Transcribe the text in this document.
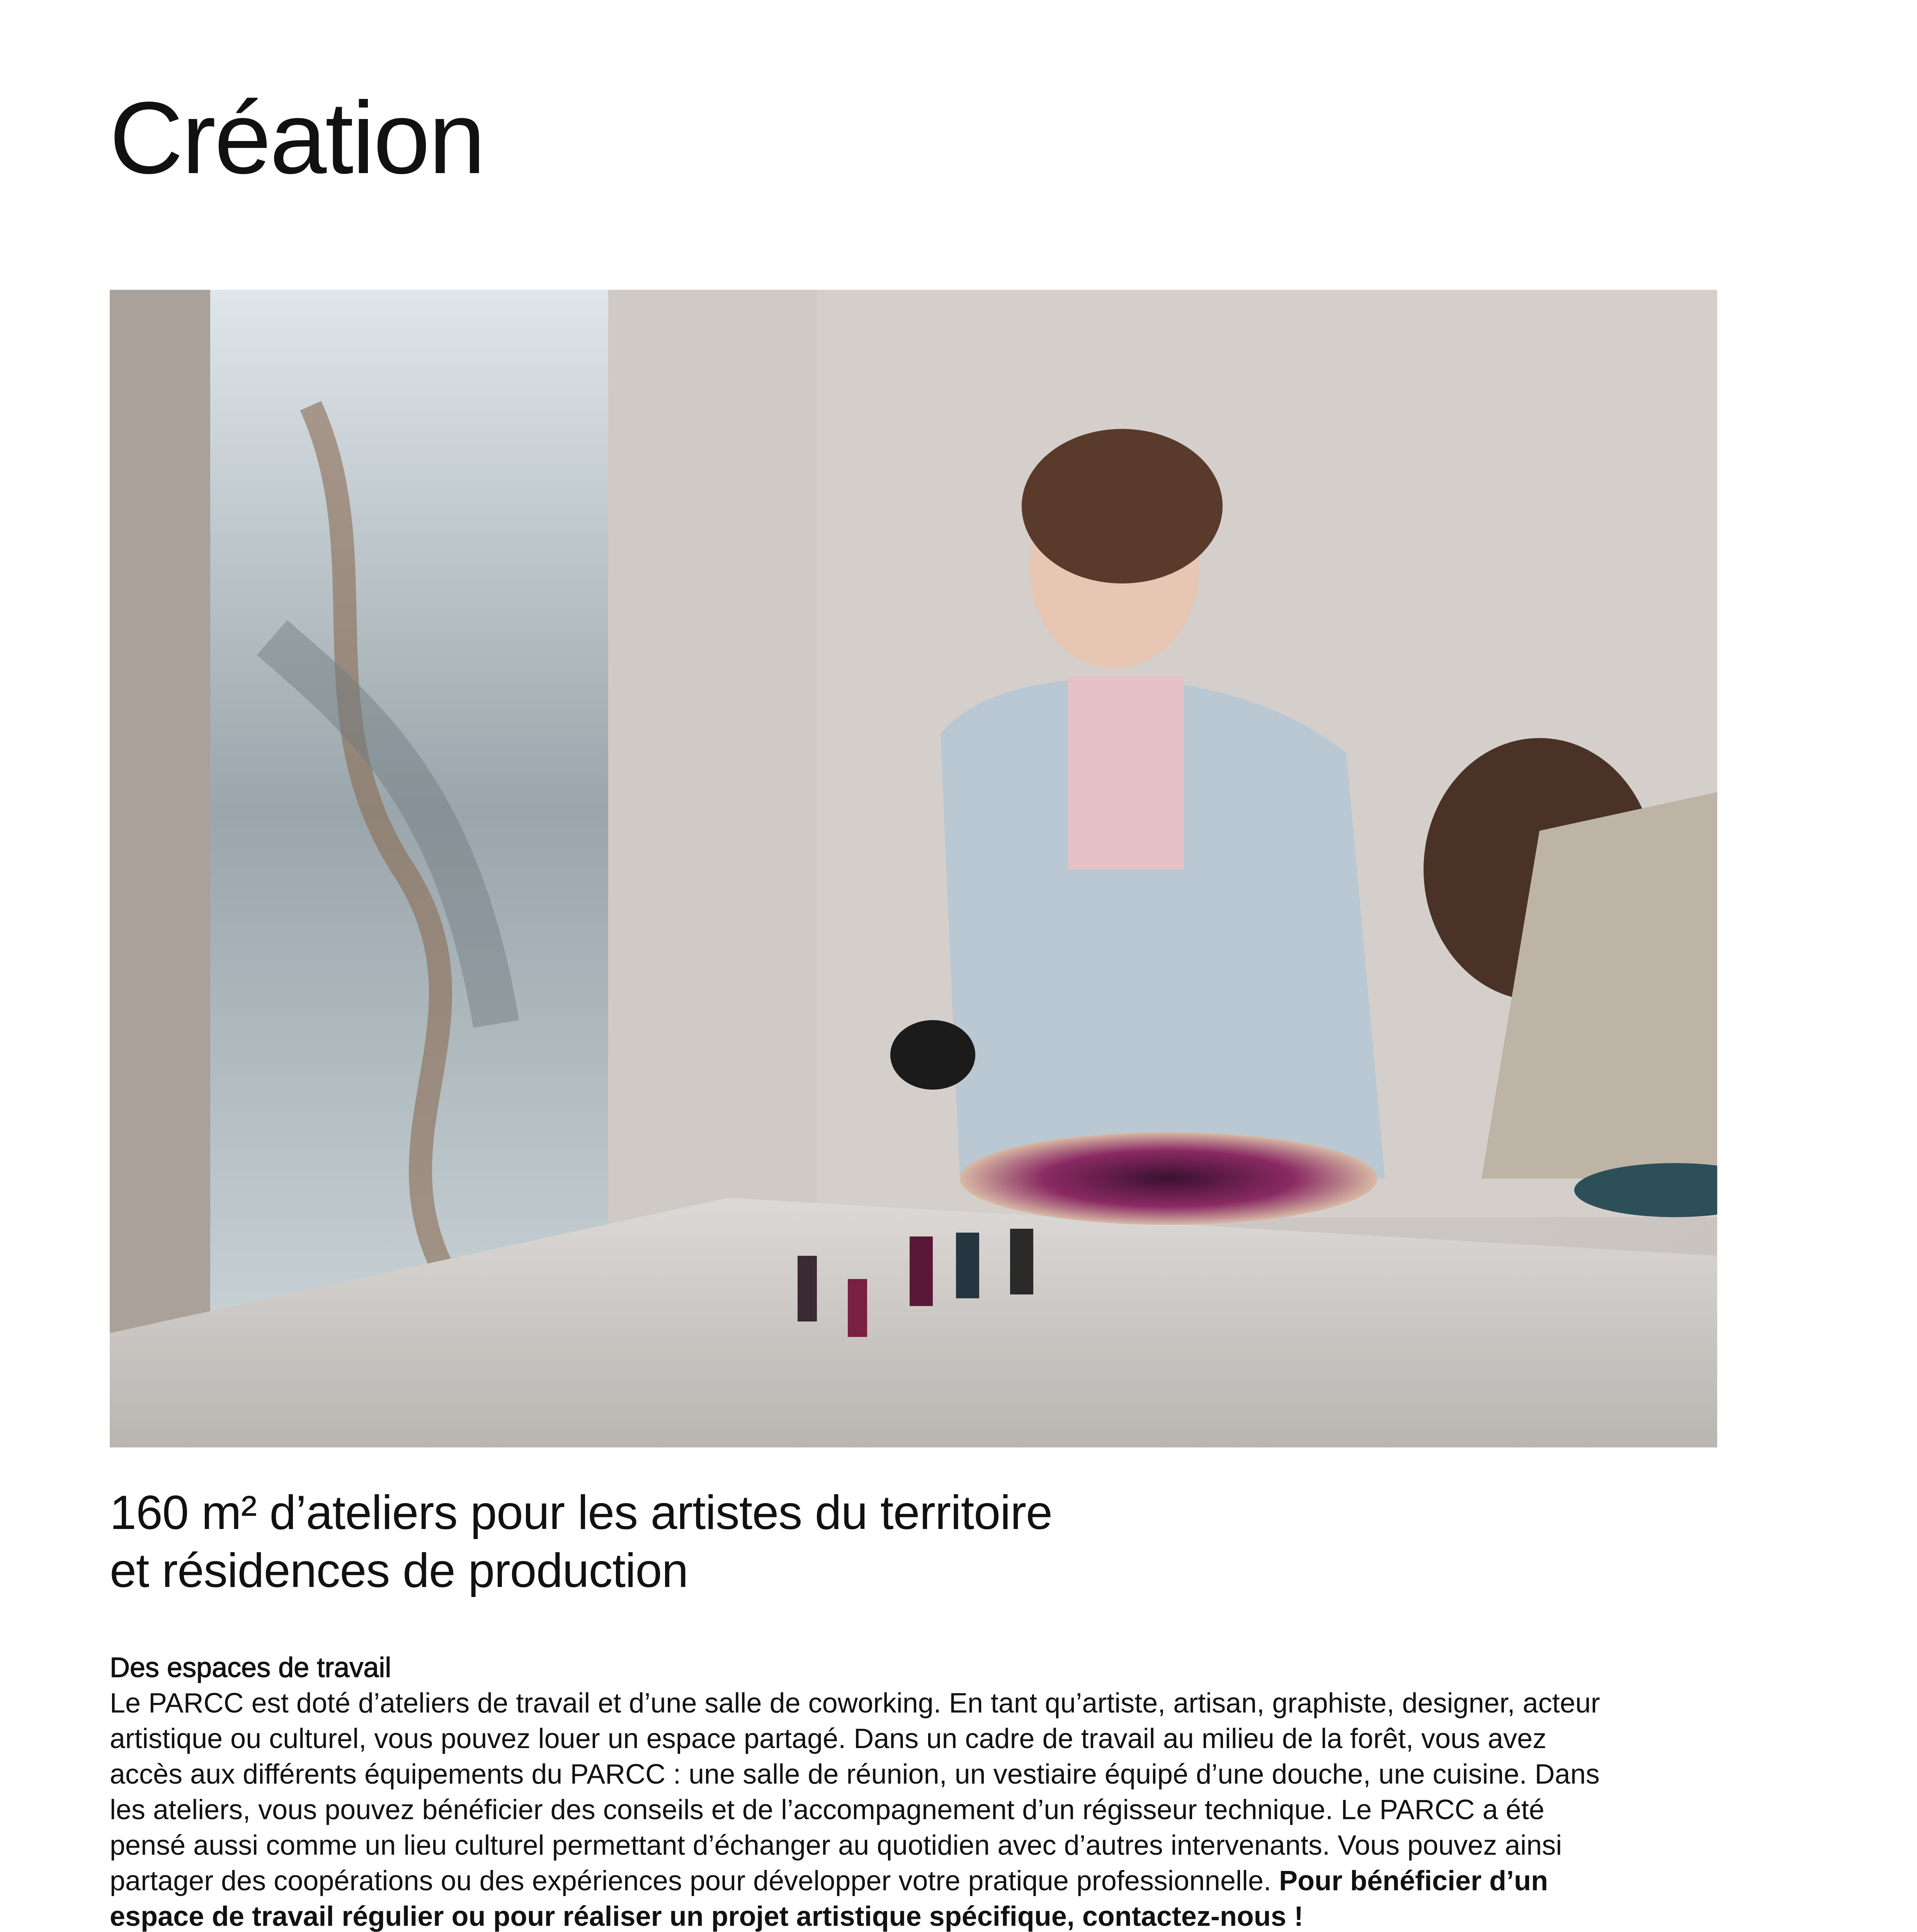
Création
160 m² d’ateliers pour les artistes du territoire
et résidences de production
Des espaces de travail
Le PARCC est doté d’ateliers de travail et d’une salle de coworking. En tant qu’artiste, artisan, graphiste, designer, acteur artistique ou culturel, vous pouvez louer un espace partagé. Dans un cadre de travail au milieu de la forêt, vous avez accès aux différents équipements du PARCC : une salle de réunion, un vestiaire équipé d’une douche, une cuisine. Dans les ateliers, vous pouvez bénéficier des conseils et de l’accompagnement d’un régisseur technique. Le PARCC a été pensé aussi comme un lieu culturel permettant d’échanger au quotidien avec d’autres intervenants. Vous pouvez ainsi partager des coopérations ou des expériences pour développer votre pratique professionnelle. Pour bénéficier d’un espace de travail régulier ou pour réaliser un projet artistique spécifique, contactez-nous !
